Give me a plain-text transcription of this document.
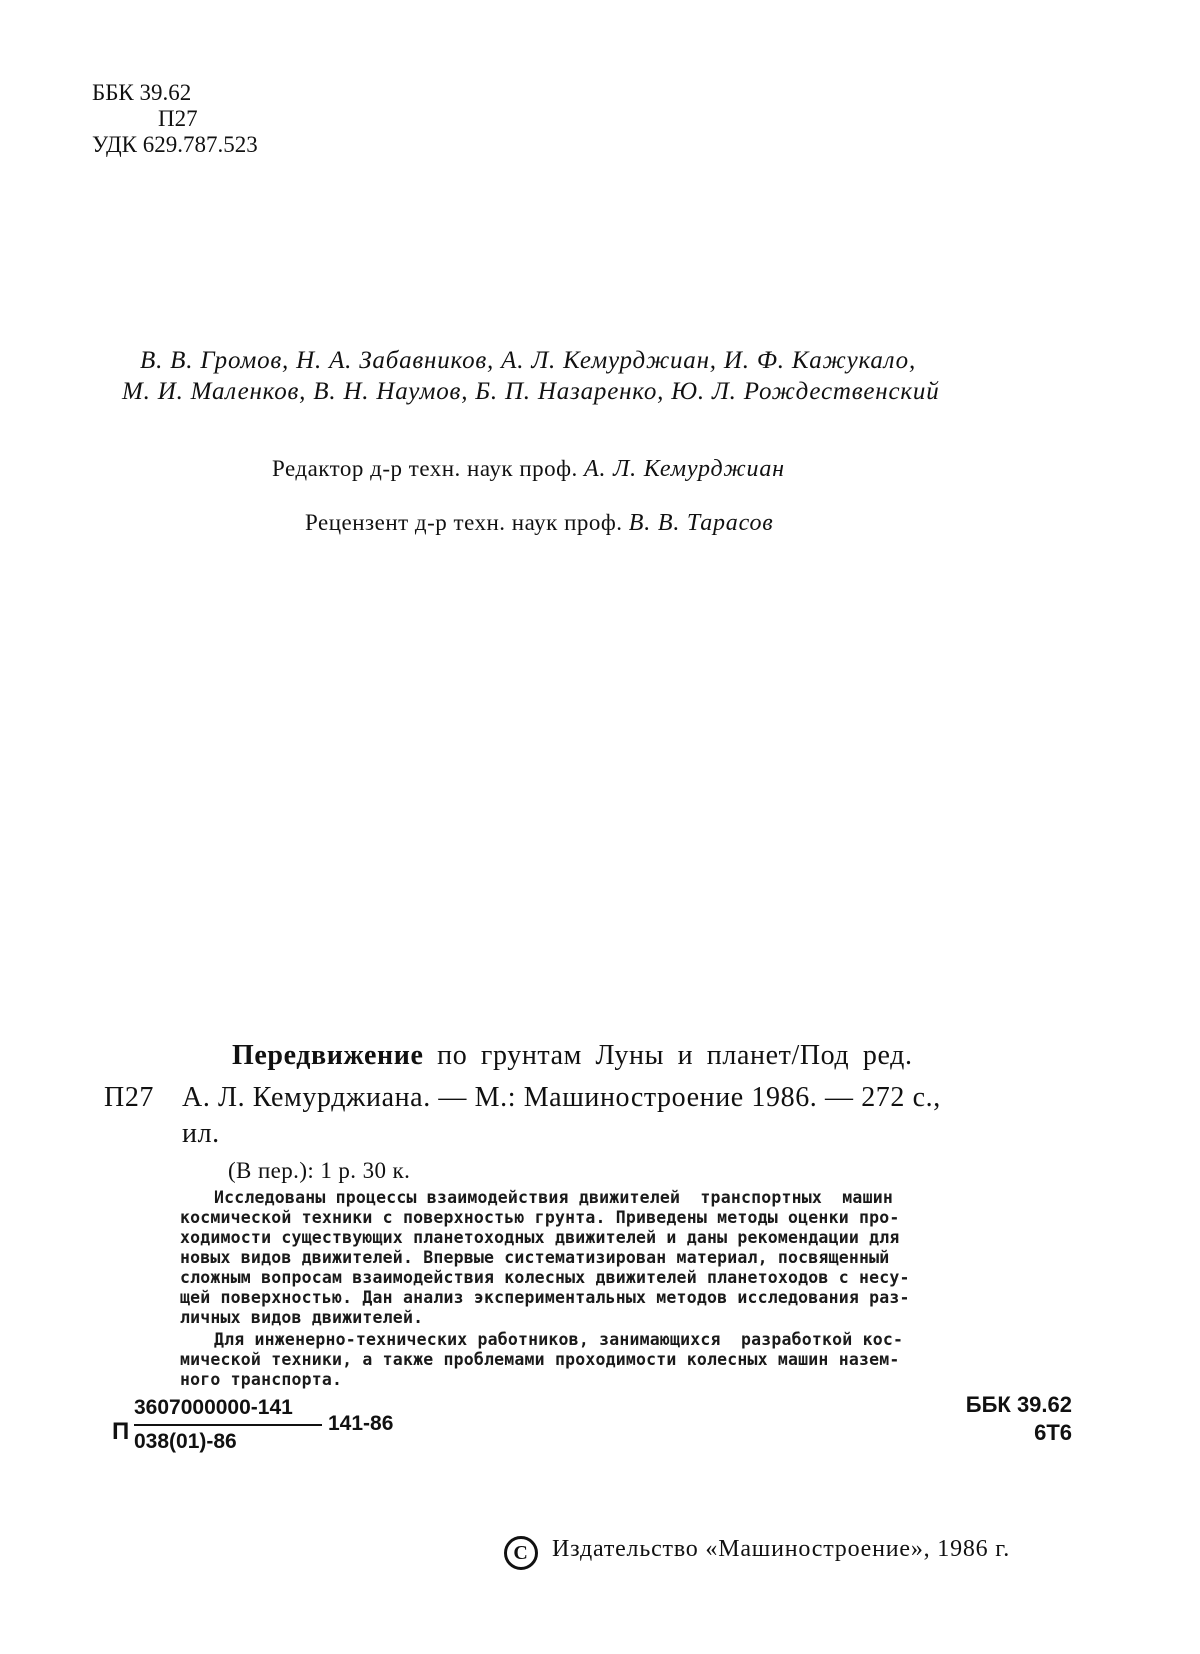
ББК 39.62
П27
УДК 629.787.523
В. В. Громов, Н. А. Забавников, А. Л. Кемурджиан, И. Ф. Кажукало,
М. И. Маленков, В. Н. Наумов, Б. П. Назаренко, Ю. Л. Рождественский
Редактор д-р техн. наук проф. А. Л. Кемурджиан
Рецензент д-р техн. наук проф. В. В. Тарасов
Передвижение по грунтам Луны и планет/Под ред.
П27 А. Л. Кемурджиана. — М.: Машиностроение 1986. — 272 с.,
ил.
(В пер.): 1 р. 30 к.
Исследованы процессы взаимодействия движителей  транспортных  машин
космической техники с поверхностью грунта. Приведены методы оценки про-
ходимости существующих планетоходных движителей и даны рекомендации для
новых видов движителей. Впервые систематизирован материал, посвященный
сложным вопросам взаимодействия колесных движителей планетоходов с несу-
щей поверхностью. Дан анализ экспериментальных методов исследования раз-
личных видов движителей.
Для инженерно-технических работников, занимающихся  разработкой кос-
мической техники, а также проблемами проходимости колесных машин назем-
ного транспорта.
П
3607000000-141
038(01)-86
141-86
ББК 39.62
6Т6
C Издательство «Машиностроение», 1986 г.
